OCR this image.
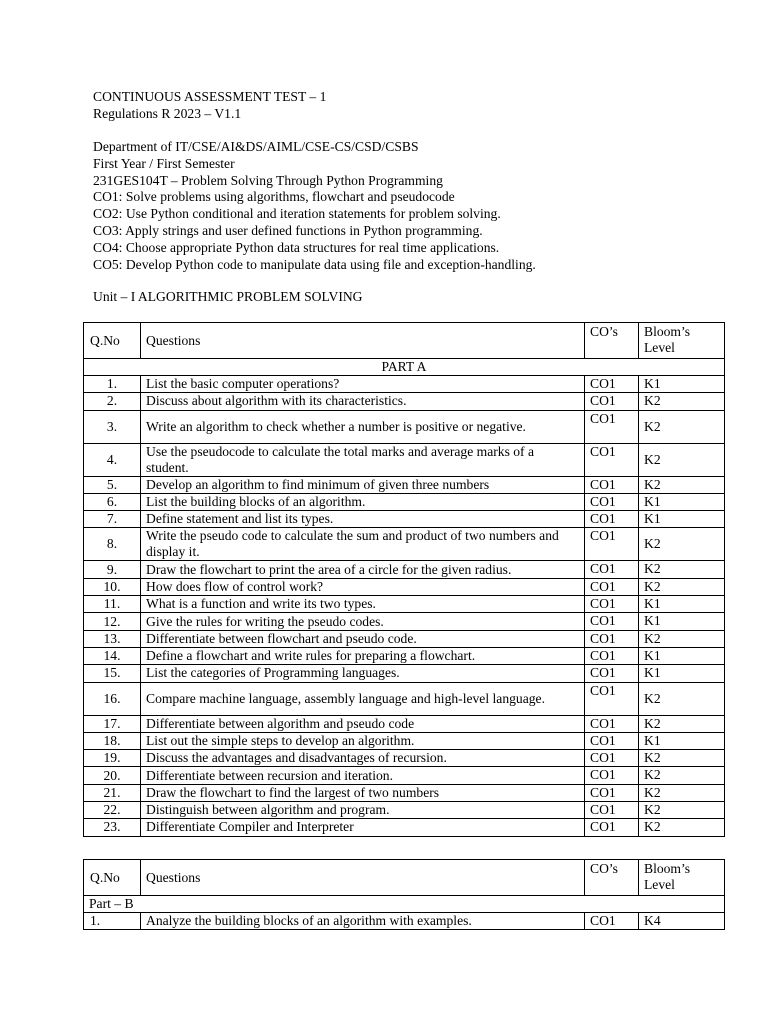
CONTINUOUS ASSESSMENT TEST – 1
Regulations R 2023 – V1.1
Department of IT/CSE/AI&DS/AIML/CSE-CS/CSD/CSBS
First Year / First Semester
231GES104T – Problem Solving Through Python Programming
CO1: Solve problems using algorithms, flowchart and pseudocode
CO2: Use Python conditional and iteration statements for problem solving.
CO3: Apply strings and user defined functions in Python programming.
CO4: Choose appropriate Python data structures for real time applications.
CO5: Develop Python code to manipulate data using file and exception-handling.
Unit – I ALGORITHMIC PROBLEM SOLVING
Q.No	Questions	CO’s	Bloom’s Level
PART A			
1.	List the basic computer operations?	CO1	K1
2.	Discuss about algorithm with its characteristics.	CO1	K2
3.	Write an algorithm to check whether a number is positive or negative.	CO1	K2
4.	Use the pseudocode to calculate the total marks and average marks of a student.	CO1	K2
5.	Develop an algorithm to find minimum of given three numbers	CO1	K2
6.	List the building blocks of an algorithm.	CO1	K1
7.	Define statement and list its types.	CO1	K1
8.	Write the pseudo code to calculate the sum and product of two numbers and display it.	CO1	K2
9.	Draw the flowchart to print the area of a circle for the given radius.	CO1	K2
10.	How does flow of control work?	CO1	K2
11.	What is a function and write its two types.	CO1	K1
12.	Give the rules for writing the pseudo codes.	CO1	K1
13.	Differentiate between flowchart and pseudo code.	CO1	K2
14.	Define a flowchart and write rules for preparing a flowchart.	CO1	K1
15.	List the categories of Programming languages.	CO1	K1
16.	Compare machine language, assembly language and high-level language.	CO1	K2
17.	Differentiate between algorithm and pseudo code	CO1	K2
18.	List out the simple steps to develop an algorithm.	CO1	K1
19.	Discuss the advantages and disadvantages of recursion.	CO1	K2
20.	Differentiate between recursion and iteration.	CO1	K2
21.	Draw the flowchart to find the largest of two numbers	CO1	K2
22.	Distinguish between algorithm and program.	CO1	K2
23.	Differentiate Compiler and Interpreter	CO1	K2
Q.No	Questions	CO’s	Bloom’s Level
Part – B			
1.	Analyze the building blocks of an algorithm with examples.	CO1	K4
